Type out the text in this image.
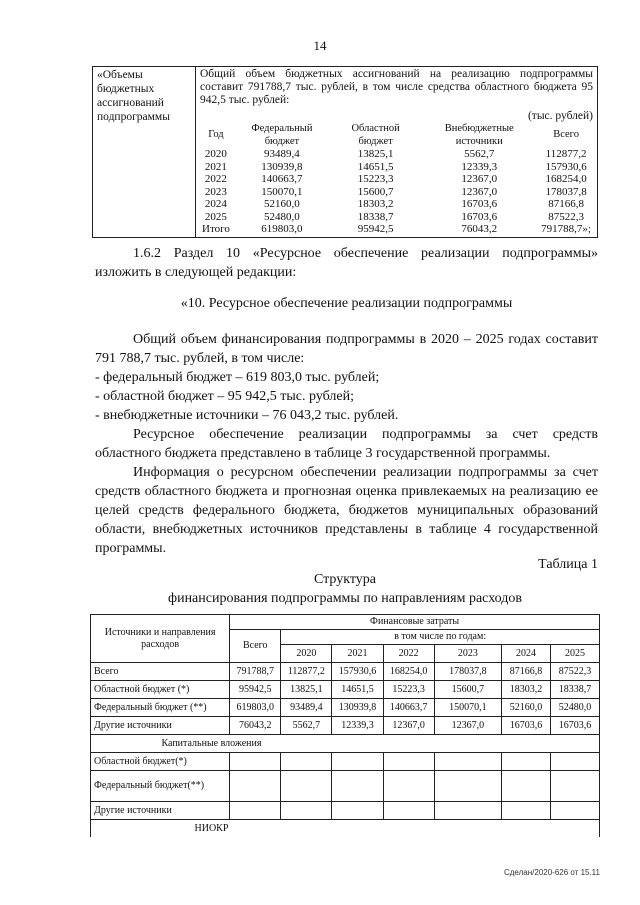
14
«Объемы бюджетных ассигнований подпрограммы	
Общий объем бюджетных ассигнований на реализацию подпрограммы составит 791788,7 тыс. рублей, в том числе средства областного бюджета 95 942,5 тыс. рублей:
(тыс. рублей)
Год	Федеральный бюджет	Областной бюджет	Внебюджетные источники	Всего
2020	93489,4	13825,1	5562,7	112877,2
2021	130939,8	14651,5	12339,3	157930,6
2022	140663,7	15223,3	12367,0	168254,0
2023	150070,1	15600,7	12367,0	178037,8
2024	52160,0	18303,2	16703,6	87166,8
2025	52480,0	18338,7	16703,6	87522,3
Итого	619803,0	95942,5	76043,2	791788,7»;
1.6.2 Раздел 10 «Ресурсное обеспечение реализации подпрограммы» изложить в следующей редакции:
«10. Ресурсное обеспечение реализации подпрограммы
Общий объем финансирования подпрограммы в 2020 – 2025 годах составит 791 788,7 тыс. рублей, в том числе:
- федеральный бюджет – 619 803,0 тыс. рублей;
- областной бюджет – 95 942,5 тыс. рублей;
- внебюджетные источники – 76 043,2 тыс. рублей.
Ресурсное обеспечение реализации подпрограммы за счет средств областного бюджета представлено в таблице 3 государственной программы.
Информация о ресурсном обеспечении реализации подпрограммы за счет средств областного бюджета и прогнозная оценка привлекаемых на реализацию ее целей средств федерального бюджета, бюджетов муниципальных образований области, внебюджетных источников представлены в таблице 4 государственной программы.
Таблица 1
Структура
финансирования подпрограммы по направлениям расходов
Источники и направления расходов	Финансовые затраты						
	Всего	в том числе по годам:					
		2020	2021	2022	2023	2024	2025
Всего	791788,7	112877,2	157930,6	168254,0	178037,8	87166,8	87522,3
Областной бюджет (*)	95942,5	13825,1	14651,5	15223,3	15600,7	18303,2	18338,7
Федеральный бюджет (**)	619803,0	93489,4	130939,8	140663,7	150070,1	52160,0	52480,0
Другие источники	76043,2	5562,7	12339,3	12367,0	12367,0	16703,6	16703,6
Капитальные вложения							
Областной бюджет(*)							
Федеральный бюджет(**)							
Другие источники							
НИОКР							
Сделан/2020-626 от 15.11
